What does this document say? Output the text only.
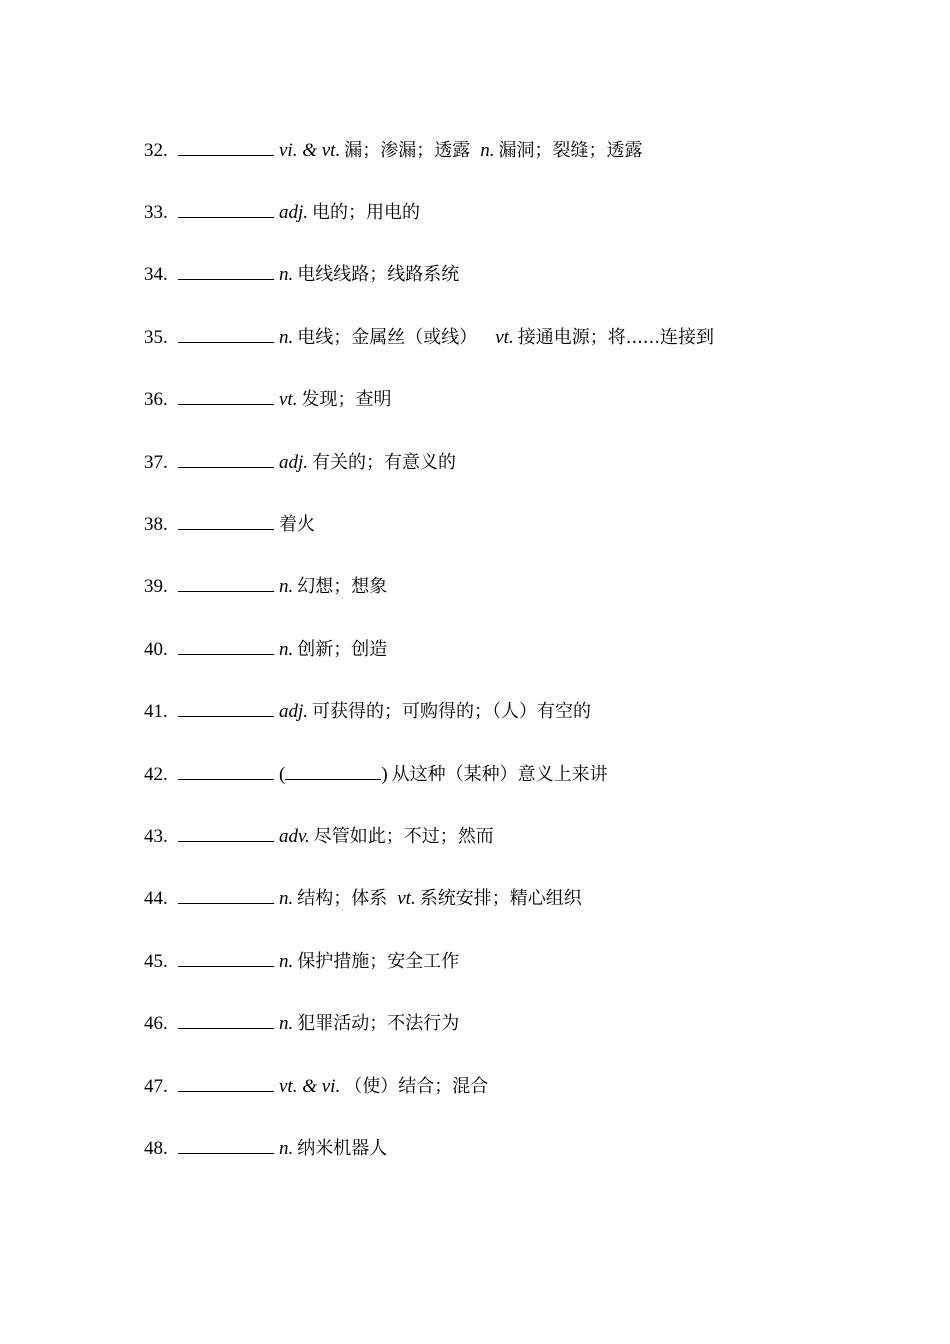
32.	vi. & vt. 漏；渗漏；透露 n. 漏洞；裂缝；透露
33.	adj. 电的；用电的
34.	n. 电线线路；线路系统
35.	n. 电线；金属丝（或线） vt. 接通电源；将......连接到
36.	vt. 发现；查明
37.	adj. 有关的；有意义的
38.	着火
39.	n. 幻想；想象
40.	n. 创新；创造
41.	adj. 可获得的；可购得的；（人）有空的
42.	(	) 从这种（某种）意义上来讲
43.	adv. 尽管如此；不过；然而
44.	n. 结构；体系 vt. 系统安排；精心组织
45.	n. 保护措施；安全工作
46.	n. 犯罪活动；不法行为
47.	vt. & vi. （使）结合；混合
48.	n. 纳米机器人
